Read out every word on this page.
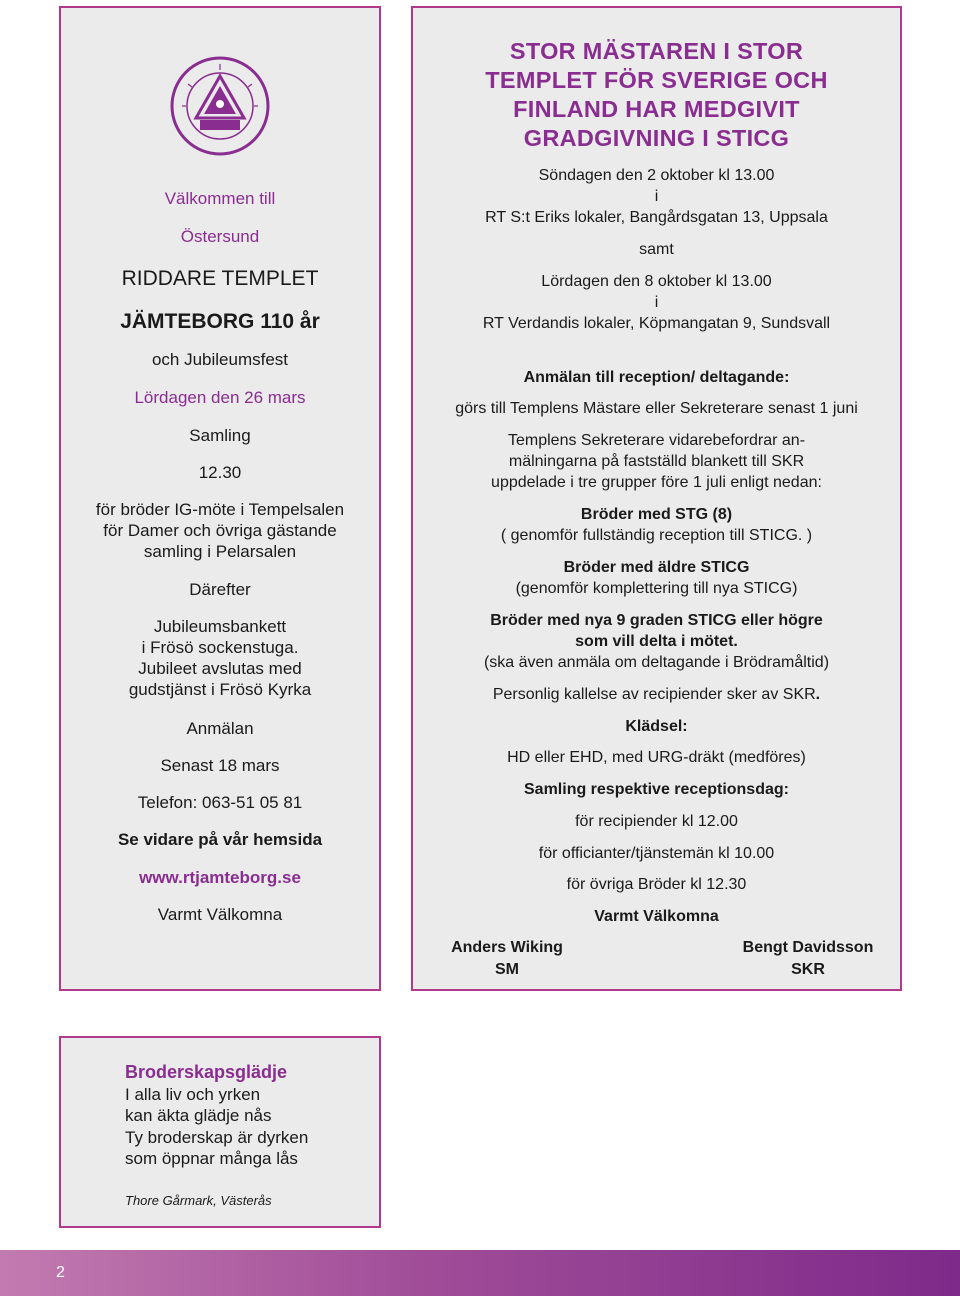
Välkommen till
Östersund
RIDDARE TEMPLET
JÄMTEBORG 110 år
och Jubileumsfest
Lördagen den 26 mars
Samling
12.30
för bröder IG-möte i Tempelsalen
för Damer och övriga gästande
samling i Pelarsalen
Därefter
Jubileumsbankett
i Frösö sockenstuga.
Jubileet avslutas med
gudstjänst i Frösö Kyrka
Anmälan
Senast 18 mars
Telefon: 063-51 05 81
Se vidare på vår hemsida
www.rtjamteborg.se
Varmt Välkomna
STOR MÄSTAREN I STOR
TEMPLET FÖR SVERIGE OCH
FINLAND HAR MEDGIVIT
GRADGIVNING I STICG
Söndagen den 2 oktober kl 13.00
i
RT S:t Eriks lokaler, Bangårdsgatan 13, Uppsala
samt
Lördagen den 8 oktober kl 13.00
i
RT Verdandis lokaler, Köpmangatan 9, Sundsvall
Anmälan till reception/ deltagande:
görs till Templens Mästare eller Sekreterare senast 1 juni
Templens Sekreterare vidarebefordrar an-
mälningarna på fastställd blankett till SKR
uppdelade i tre grupper före 1 juli enligt nedan:
Bröder med STG (8)
( genomför fullständig reception till STICG. )
Bröder med äldre STICG
(genomför komplettering till nya STICG)
Bröder med nya 9 graden STICG eller högre
som vill delta i mötet.
(ska även anmäla om deltagande i Brödramåltid)
Personlig kallelse av recipiender sker av SKR.
Klädsel:
HD eller EHD, med URG-dräkt (medföres)
Samling respektive receptionsdag:
för recipiender kl 12.00
för officianter/tjänstemän kl 10.00
för övriga Bröder kl 12.30
Varmt Välkomna
Anders Wiking
SM
Bengt Davidsson
SKR
Broderskapsglädje
I alla liv och yrken
kan äkta glädje nås
Ty broderskap är dyrken
som öppnar många lås
Thore Gårmark, Västerås
2
